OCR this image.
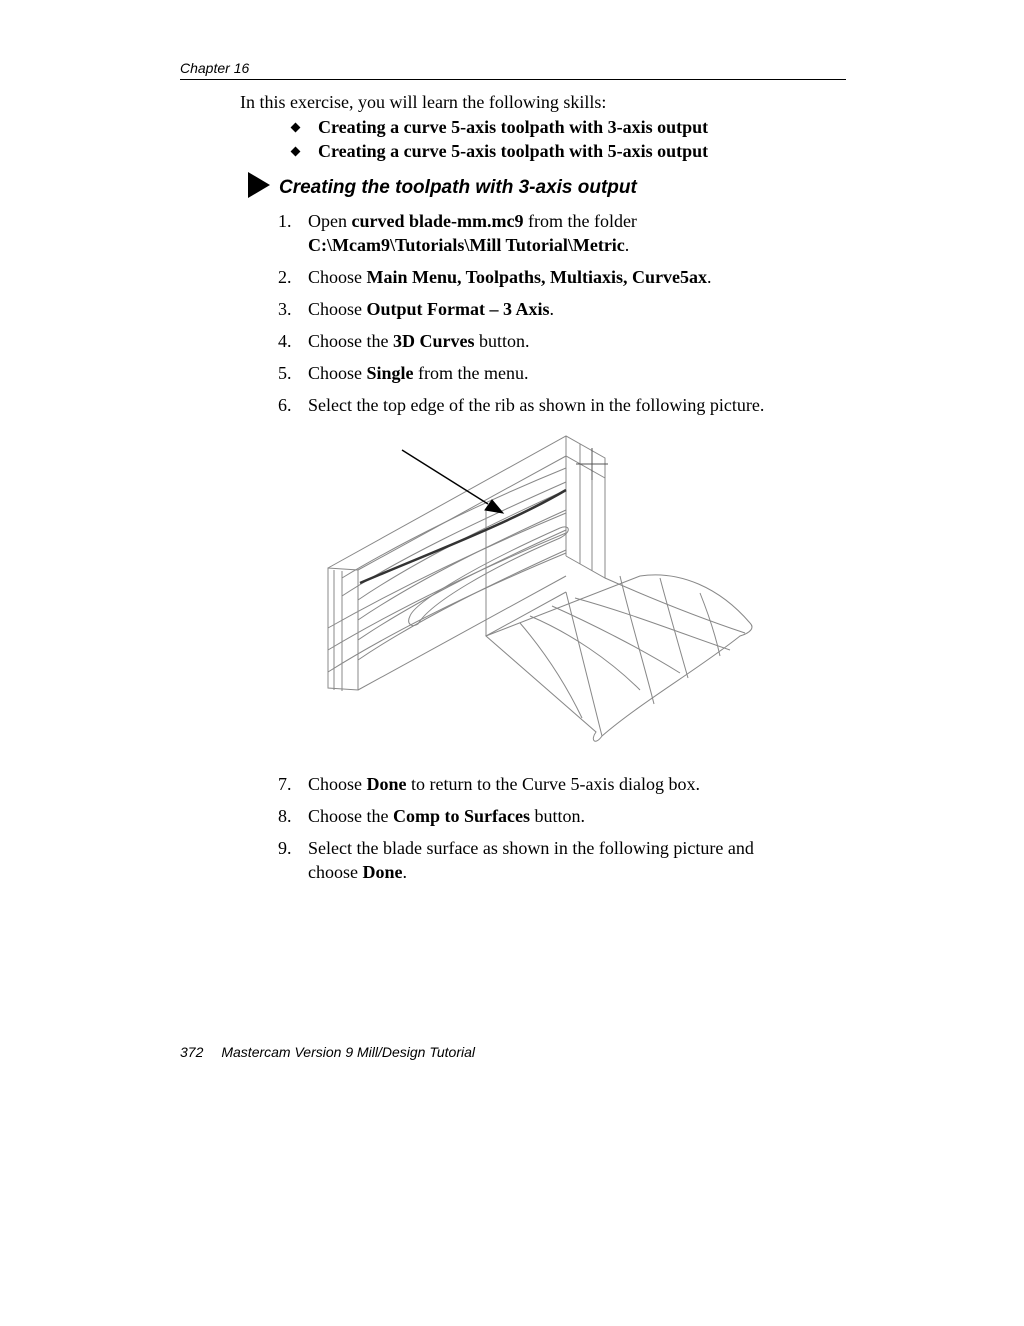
Chapter 16
In this exercise, you will learn the following skills:
Creating a curve 5-axis toolpath with 3-axis output
Creating a curve 5-axis toolpath with 5-axis output
Creating the toolpath with 3-axis output
1. Open curved blade-mm.mc9 from the folder
C:\Mcam9\Tutorials\Mill Tutorial\Metric.
2. Choose Main Menu, Toolpaths, Multiaxis, Curve5ax.
3. Choose Output Format – 3 Axis.
4. Choose the 3D Curves button.
5. Choose Single from the menu.
6. Select the top edge of the rib as shown in the following picture.
7. Choose Done to return to the Curve 5-axis dialog box.
8. Choose the Comp to Surfaces button.
9. Select the blade surface as shown in the following picture and
choose Done.
372 Mastercam Version 9 Mill/Design Tutorial
